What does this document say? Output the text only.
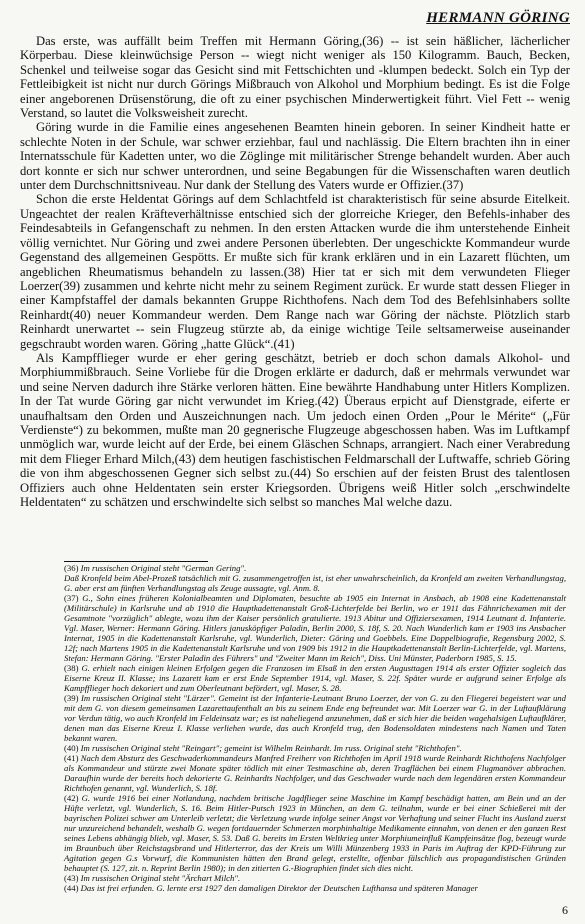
HERMANN GÖRING

Das erste, was auffällt beim Treffen mit Hermann Göring,(36) -- ist sein häßlicher, lächerlicher Körperbau. Diese kleinwüchsige Person -- wiegt nicht weniger als 150 Kilogramm. Bauch, Becken, Schenkel und teilweise sogar das Gesicht sind mit Fettschichten und -klumpen bedeckt. Solch ein Typ der Fettleibigkeit ist nicht nur durch Görings Mißbrauch von Alkohol und Morphium bedingt. Es ist die Folge einer angeborenen Drüsenstörung, die oft zu einer psychischen Minderwertigkeit führt. Viel Fett -- wenig Verstand, so lautet die Volksweisheit zurecht.

Göring wurde in die Familie eines angesehenen Beamten hinein geboren. In seiner Kindheit hatte er schlechte Noten in der Schule, war schwer erziehbar, faul und nachlässig. Die Eltern brachten ihn in einer Internatsschule für Kadetten unter, wo die Zöglinge mit militärischer Strenge behandelt wurden. Aber auch dort konnte er sich nur schwer unterordnen, und seine Begabungen für die Wissenschaften waren deutlich unter dem Durchschnittsniveau. Nur dank der Stellung des Vaters wurde er Offizier.(37)

Schon die erste Heldentat Görings auf dem Schlachtfeld ist charakteristisch für seine absurde Eitelkeit. Ungeachtet der realen Kräfteverhältnisse entschied sich der glorreiche Krieger, den Befehls-inhaber des Feindesabteils in Gefangenschaft zu nehmen. In den ersten Attacken wurde die ihm unterstehende Einheit völlig vernichtet. Nur Göring und zwei andere Personen überlebten. Der ungeschickte Kommandeur wurde Gegenstand des allgemeinen Gespötts. Er mußte sich für krank erklären und in ein Lazarett flüchten, um angeblichen Rheumatismus behandeln zu lassen.(38) Hier tat er sich mit dem verwundeten Flieger Loerzer(39) zusammen und kehrte nicht mehr zu seinem Regiment zurück. Er wurde statt dessen Flieger in einer Kampfstaffel der damals bekannten Gruppe Richthofens. Nach dem Tod des Befehlsinhabers sollte Reinhardt(40) neuer Kommandeur werden. Dem Range nach war Göring der nächste. Plötzlich starb Reinhardt unerwartet -- sein Flugzeug stürzte ab, da einige wichtige Teile seltsamerweise auseinander gegschraubt worden waren. Göring „hatte Glück“.(41)

Als Kampfflieger wurde er eher gering geschätzt, betrieb er doch schon damals Alkohol- und Morphiummißbrauch. Seine Vorliebe für die Drogen erklärte er dadurch, daß er mehrmals verwundet war und seine Nerven dadurch ihre Stärke verloren hätten. Eine bewährte Handhabung unter Hitlers Komplizen. In der Tat wurde Göring gar nicht verwundet im Krieg.(42) Überaus erpicht auf Dienstgrade, eiferte er unaufhaltsam den Orden und Auszeichnungen nach. Um jedoch einen Orden „Pour le Mérite“ („Für Verdienste“) zu bekommen, mußte man 20 gegnerische Flugzeuge abgeschossen haben. Was im Luftkampf unmöglich war, wurde leicht auf der Erde, bei einem Gläschen Schnaps, arrangiert. Nach einer Verabredung mit dem Flieger Erhard Milch,(43) dem heutigen faschistischen Feldmarschall der Luftwaffe, schrieb Göring die von ihm abgeschossenen Gegner sich selbst zu.(44) So erschien auf der feisten Brust des talentlosen Offiziers auch ohne Heldentaten sein erster Kriegsorden. Übrigens weiß Hitler solch „erschwindelte Heldentaten“ zu schätzen und erschwindelte sich selbst so manches Mal welche dazu.

(36) Im russischen Original steht "German Gering".

Daß Kronfeld beim Abel-Prozeß tatsächlich mit G. zusammengetroffen ist, ist eher unwahrscheinlich, da Kronfeld am zweiten Verhandlungstag, G. aber erst am fünften Verhandlungstag als Zeuge aussagte, vgl. Anm. 8.

(37) G., Sohn eines früheren Kolonialbeamten und Diplomaten, besuchte ab 1905 ein Internat in Ansbach, ab 1908 eine Kadettenanstalt (Militärschule) in Karlsruhe und ab 1910 die Hauptkadettenanstalt Groß-Lichterfelde bei Berlin, wo er 1911 das Fähnrichexamen mit der Gesamtnote "vorzüglich" ablegte, wozu ihm der Kaiser persönlich gratulierte. 1913 Abitur und Offiziersexamen, 1914 Leutnant d. Infanterie. Vgl. Maser, Werner: Hermann Göring. Hitlers janusköpfiger Paladin, Berlin 2000, S. 18f, S. 20. Nach Wunderlich kam er 1903 ins Ansbacher Internat, 1905 in die Kadettenanstalt Karlsruhe, vgl. Wunderlich, Dieter: Göring und Goebbels. Eine Doppelbiografie, Regensburg 2002, S. 12f; nach Martens 1905 in die Kadettenanstalt Karlsruhe und von 1909 bis 1912 in die Hauptkadettenanstalt Berlin-Lichterfelde, vgl. Martens, Stefan: Hermann Göring. "Erster Paladin des Führers" und "Zweiter Mann im Reich", Diss. Uni Münster, Paderborn 1985, S. 15.

(38) G. erhielt nach einigen kleinen Erfolgen gegen die Franzosen im Elsaß in den ersten Augusttagen 1914 als erster Offizier sogleich das Eiserne Kreuz II. Klasse; ins Lazarett kam er erst Ende September 1914, vgl. Maser, S. 22f. Später wurde er aufgrund seiner Erfolge als Kampfflieger hoch dekoriert und zum Oberleutnant befördert, vgl. Maser, S. 28.

(39) Im russischen Original steht "Lärzer". Gemeint ist der Infanterie-Leutnant Bruno Loerzer, der von G. zu den Fliegerei begeistert war und mit dem G. von diesem gemeinsamen Lazarettaufenthalt an bis zu seinem Ende eng befreundet war. Mit Loerzer war G. in der Luftaufklärung vor Verdun tätig, wo auch Kronfeld im Feldeinsatz war; es ist naheliegend anzunehmen, daß er sich hier die beiden wagehalsigen Luftaufklärer, denen man das Eiserne Kreuz I. Klasse verliehen wurde, das auch Kronfeld trug, den Bodensoldaten mindestens nach Namen und Taten bekannt waren.

(40) Im russischen Original steht "Reingart"; gemeint ist Wilhelm Reinhardt. Im russ. Original steht "Richthofen".

(41) Nach dem Absturz des Geschwaderkommandeurs Manfred Freiherr von Richthofen im April 1918 wurde Reinhardt Richthofens Nachfolger als Kommandeur und stürzte zwei Monate später tödlich mit einer Testmaschine ab, deren Tragflächen bei einem Flugmanöver abbrachen. Daraufhin wurde der bereits hoch dekorierte G. Reinhardts Nachfolger, und das Geschwader wurde nach dem legendären ersten Kommandeur Richthofen genannt, vgl. Wunderlich, S. 18f.

(42) G. wurde 1916 bei einer Notlandung, nachdem britische Jagdflieger seine Maschine im Kampf beschädigt hatten, am Bein und an der Hüfte verletzt, vgl. Wunderlich, S. 16. Beim Hitler-Putsch 1923 in München, an dem G. teilnahm, wurde er bei einer Schießerei mit der bayrischen Polizei schwer am Unterleib verletzt; die Verletzung wurde infolge seiner Angst vor Verhaftung und seiner Flucht ins Ausland zuerst nur unzureichend behandelt, weshalb G. wegen fortdauernder Schmerzen morphinhaltige Medikamente einnahm, von denen er den ganzen Rest seines Lebens abhängig blieb, vgl. Maser, S. 53. Daß G. bereits im Ersten Weltkrieg unter Morphiumeinfluß Kampfeinsätze flog, bezeugt wurde im Braunbuch über Reichstagsbrand und Hitlerterror, das der Kreis um Willi Münzenberg 1933 in Paris im Auftrag der KPD-Führung zur Agitation gegen G.s Vorwurf, die Kommunisten hätten den Brand gelegt, erstellte, offenbar fälschlich aus propagandistischen Gründen behauptet (S. 127, zit. n. Reprint Berlin 1980); in den zitierten G.-Biographien findet sich dies nicht.

(43) Im russischen Original steht "Ärchart Milch".

(44) Das ist frei erfunden. G. lernte erst 1927 den damaligen Direktor der Deutschen Lufthansa und späteren Manager

6
